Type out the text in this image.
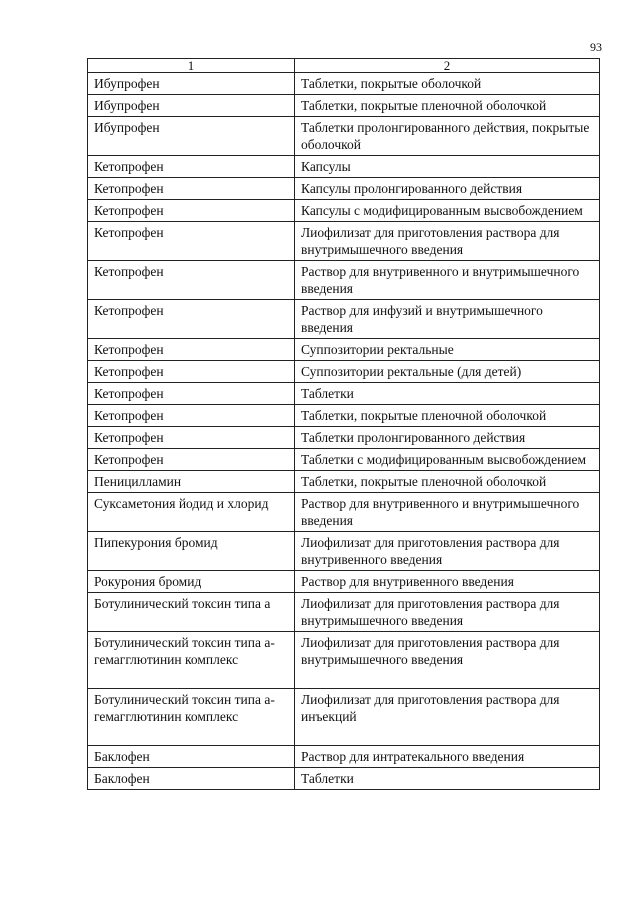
93
1	2
Ибупрофен	Таблетки, покрытые оболочкой
Ибупрофен	Таблетки, покрытые пленочной оболочкой
Ибупрофен	Таблетки пролонгированного действия, покрытые оболочкой
Кетопрофен	Капсулы
Кетопрофен	Капсулы пролонгированного действия
Кетопрофен	Капсулы с модифицированным высвобождением
Кетопрофен	Лиофилизат для приготовления раствора для внутримышечного введения
Кетопрофен	Раствор для внутривенного и внутримышечного введения
Кетопрофен	Раствор для инфузий и внутримышечного введения
Кетопрофен	Суппозитории ректальные
Кетопрофен	Суппозитории ректальные (для детей)
Кетопрофен	Таблетки
Кетопрофен	Таблетки, покрытые пленочной оболочкой
Кетопрофен	Таблетки пролонгированного действия
Кетопрофен	Таблетки с модифицированным высвобождением
Пеницилламин	Таблетки, покрытые пленочной оболочкой
Суксаметония йодид и хлорид	Раствор для внутривенного и внутримышечного введения
Пипекурония бромид	Лиофилизат для приготовления раствора для внутривенного введения
Рокурония бромид	Раствор для внутривенного введения
Ботулинический токсин типа а	Лиофилизат для приготовления раствора для внутримышечного введения
Ботулинический токсин типа а-гемагглютинин комплекс	Лиофилизат для приготовления раствора для внутримышечного введения
Ботулинический токсин типа а-гемагглютинин комплекс	Лиофилизат для приготовления раствора для инъекций
Баклофен	Раствор для интратекального введения
Баклофен	Таблетки
